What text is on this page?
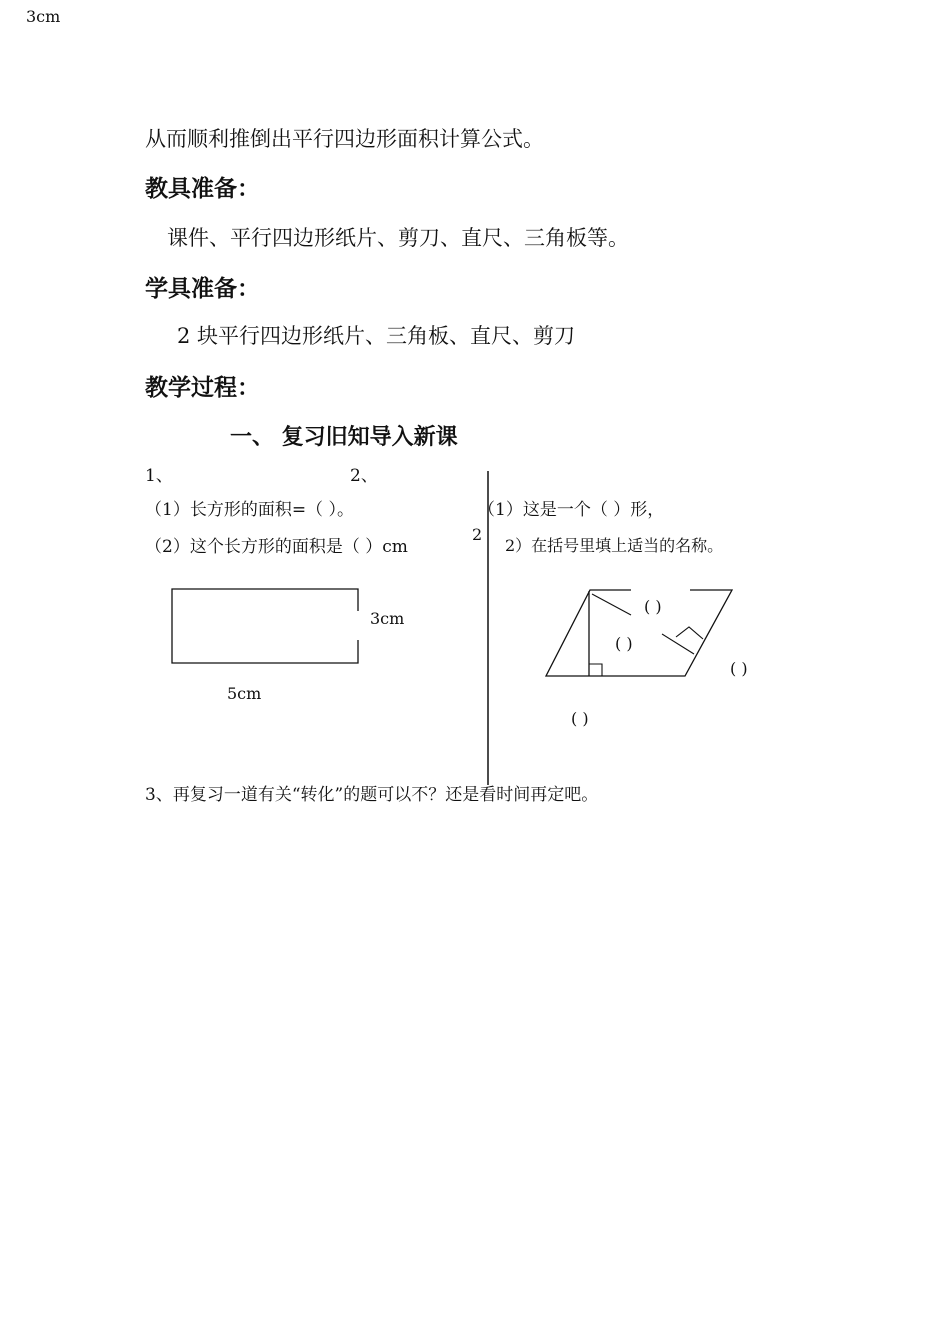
3cm
从而顺利推倒出平行四边形面积计算公式。
教具准备：
课件、平行四边形纸片、剪刀、直尺、三角板等。
学具准备：
2 块平行四边形纸片、三角板、直尺、剪刀
教学过程：
一、 复习旧知导入新课
1、
（1）长方形的面积=（ ）。
（2）这个长方形的面积是（ ）cm
2
2、
（1）这是一个（ ）形，
2）在括号里填上适当的名称。
3cm
5cm
( )
( )
( )
( )
3、再复习一道有关“转化”的题可以不？还是看时间再定吧。
